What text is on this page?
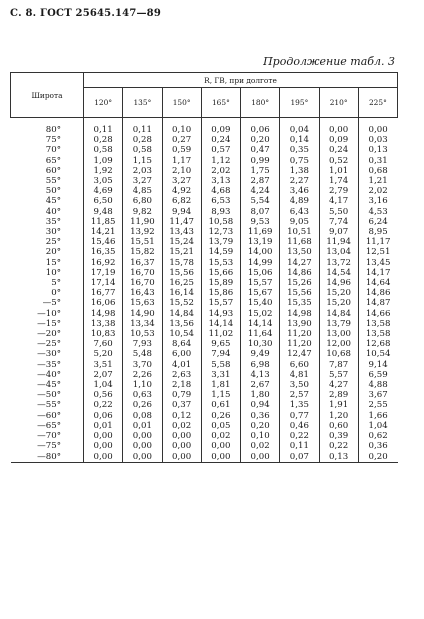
С. 8. ГОСТ 25645.147—89
Продолжение табл. 3
Широта	R, ГВ, при долготе							
	120°	135°	150°	165°	180°	195°	210°	225°
80°	0,11	0,11	0,10	0,09	0,06	0,04	0,00	0,00
75°	0,28	0,28	0,27	0,24	0,20	0,14	0,09	0,03
70°	0,58	0,58	0,59	0,57	0,47	0,35	0,24	0,13
65°	1,09	1,15	1,17	1,12	0,99	0,75	0,52	0,31
60°	1,92	2,03	2,10	2,02	1,75	1,38	1,01	0,68
55°	3,05	3,27	3,27	3,13	2,87	2,27	1,74	1,21
50°	4,69	4,85	4,92	4,68	4,24	3,46	2,79	2,02
45°	6,50	6,80	6,82	6,53	5,54	4,89	4,17	3,16
40°	9,48	9,82	9,94	8,93	8,07	6,43	5,50	4,53
35°	11,85	11,90	11,47	10,58	9,53	9,05	7,74	6,24
30°	14,21	13,92	13,43	12,73	11,69	10,51	9,07	8,95
25°	15,46	15,51	15,24	13,79	13,19	11,68	11,94	11,17
20°	16,35	15,82	15,21	14,59	14,00	13,50	13,04	12,51
15°	16,92	16,37	15,78	15,53	14,99	14,27	13,72	13,45
10°	17,19	16,70	15,56	15,66	15,06	14,86	14,54	14,17
5°	17,14	16,70	16,25	15,89	15,57	15,26	14,96	14,64
0°	16,77	16,43	16,14	15,86	15,67	15,56	15,20	14,86
—5°	16,06	15,63	15,52	15,57	15,40	15,35	15,20	14,87
—10°	14,98	14,90	14,84	14,93	15,02	14,98	14,84	14,66
—15°	13,38	13,34	13,56	14,14	14,14	13,90	13,79	13,58
—20°	10,83	10,53	10,54	11,02	11,64	11,20	13,00	13,58
—25°	7,60	7,93	8,64	9,65	10,30	11,20	12,00	12,68
—30°	5,20	5,48	6,00	7,94	9,49	12,47	10,68	10,54
—35°	3,51	3,70	4,01	5,58	6,98	6,60	7,87	9,14
—40°	2,07	2,26	2,63	3,31	4,13	4,81	5,57	6,59
—45°	1,04	1,10	2,18	1,81	2,67	3,50	4,27	4,88
—50°	0,56	0,63	0,79	1,15	1,80	2,57	2,89	3,67
—55°	0,22	0,26	0,37	0,61	0,94	1,35	1,91	2,55
—60°	0,06	0,08	0,12	0,26	0,36	0,77	1,20	1,66
—65°	0,01	0,01	0,02	0,05	0,20	0,46	0,60	1,04
—70°	0,00	0,00	0,00	0,02	0,10	0,22	0,39	0,62
—75°	0,00	0,00	0,00	0,00	0,02	0,11	0,22	0,36
—80°	0,00	0,00	0,00	0,00	0,00	0,07	0,13	0,20
